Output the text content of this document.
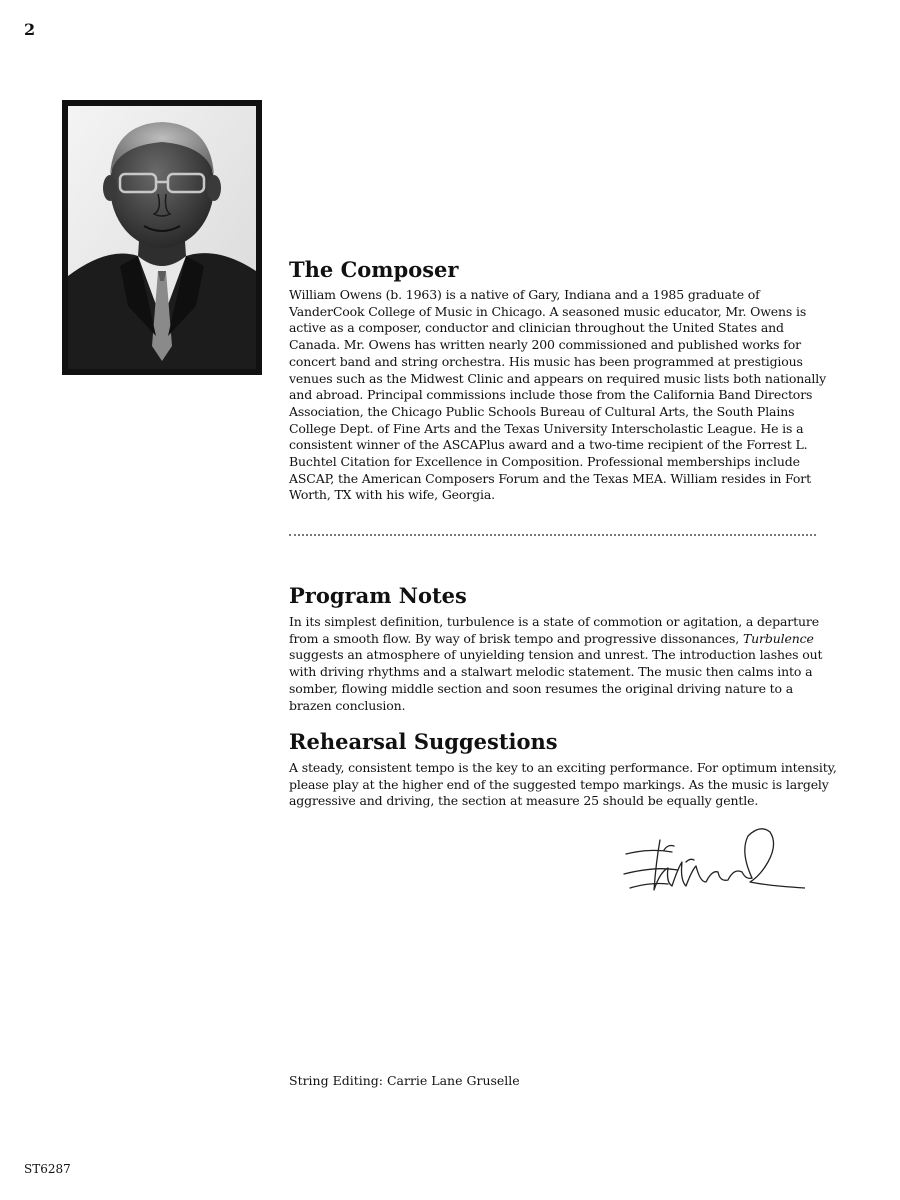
2
The Composer

William Owens (b. 1963) is a native of Gary, Indiana and a 1985 graduate of VanderCook College of Music in Chicago. A seasoned music educator, Mr. Owens is active as a composer, conductor and clinician throughout the United States and Canada. Mr. Owens has written nearly 200 commissioned and published works for concert band and string orchestra. His music has been programmed at prestigious venues such as the Midwest Clinic and appears on required music lists both nationally and abroad. Principal commissions include those from the California Band Directors Association, the Chicago Public Schools Bureau of Cultural Arts, the South Plains College Dept. of Fine Arts and the Texas University Interscholastic League. He is a consistent winner of the ASCAPlus award and a two-time recipient of the Forrest L. Buchtel Citation for Excellence in Composition. Professional memberships include ASCAP, the American Composers Forum and the Texas MEA. William resides in Fort Worth, TX with his wife, Georgia.

Program Notes

In its simplest definition, turbulence is a state of commotion or agitation, a departure from a smooth flow. By way of brisk tempo and progressive dissonances, Turbulence suggests an atmosphere of unyielding tension and unrest. The introduction lashes out with driving rhythms and a stalwart melodic statement. The music then calms into a somber, flowing middle section and soon resumes the original driving nature to a brazen conclusion.

Rehearsal Suggestions

A steady, consistent tempo is the key to an exciting performance. For optimum intensity, please play at the higher end of the suggested tempo markings. As the music is largely aggressive and driving, the section at measure 25 should be equally gentle.

String Editing: Carrie Lane Gruselle
ST6287
